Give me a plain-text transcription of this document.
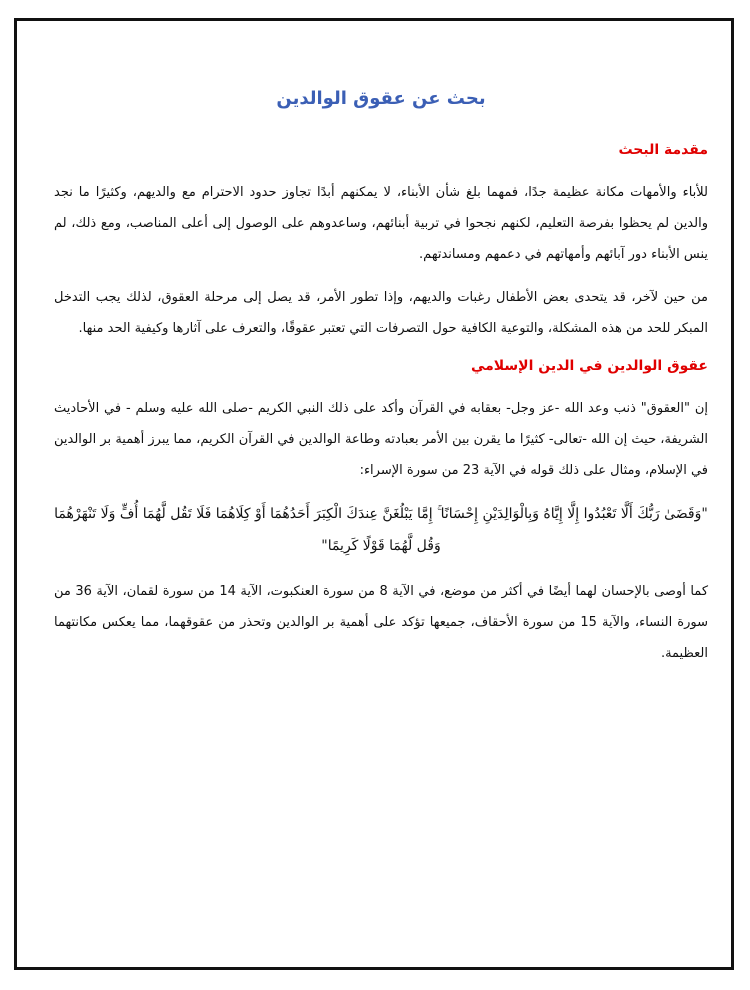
بحث عن عقوق الوالدين
مقدمة البحث

للأباء والأمهات مكانة عظيمة جدًا، فمهما بلغ شأن الأبناء، لا يمكنهم أبدًا تجاوز حدود الاحترام مع والديهم، وكثيرًا ما نجد والدين لم يحظوا بفرصة التعليم، لكنهم نجحوا في تربية أبنائهم، وساعدوهم على الوصول إلى أعلى المناصب، ومع ذلك، لم ينس الأبناء دور آبائهم وأمهاتهم في دعمهم ومساندتهم.

من حين لآخر، قد يتحدى بعض الأطفال رغبات والديهم، وإذا تطور الأمر، قد يصل إلى مرحلة العقوق، لذلك يجب التدخل المبكر للحد من هذه المشكلة، والتوعية الكافية حول التصرفات التي تعتبر عقوقًا، والتعرف على آثارها وكيفية الحد منها.

عقوق الوالدين في الدين الإسلامي

إن "العقوق" ذنب وعد الله -عز وجل- بعقابه في القرآن وأكد على ذلك النبي الكريم -صلى الله عليه وسلم - في الأحاديث الشريفة، حيث إن الله -تعالى- كثيرًا ما يقرن بين الأمر بعبادته وطاعة الوالدين في القرآن الكريم، مما يبرز أهمية بر الوالدين في الإسلام، ومثال على ذلك قوله في الآية 23 من سورة الإسراء:

"وَقَضَىٰ رَبُّكَ أَلَّا تَعْبُدُوا إِلَّا إِيَّاهُ وَبِالْوَالِدَيْنِ إِحْسَانًا ۚ إِمَّا يَبْلُغَنَّ عِندَكَ الْكِبَرَ أَحَدُهُمَا أَوْ كِلَاهُمَا فَلَا تَقُل لَّهُمَا أُفٍّ وَلَا تَنْهَرْهُمَا وَقُل لَّهُمَا قَوْلًا كَرِيمًا"

كما أوصى بالإحسان لهما أيضًا في أكثر من موضع، في الآية 8 من سورة العنكبوت، الآية 14 من سورة لقمان، الآية 36 من سورة النساء، والآية 15 من سورة الأحقاف، جميعها تؤكد على أهمية بر الوالدين وتحذر من عقوقهما، مما يعكس مكانتهما العظيمة.
